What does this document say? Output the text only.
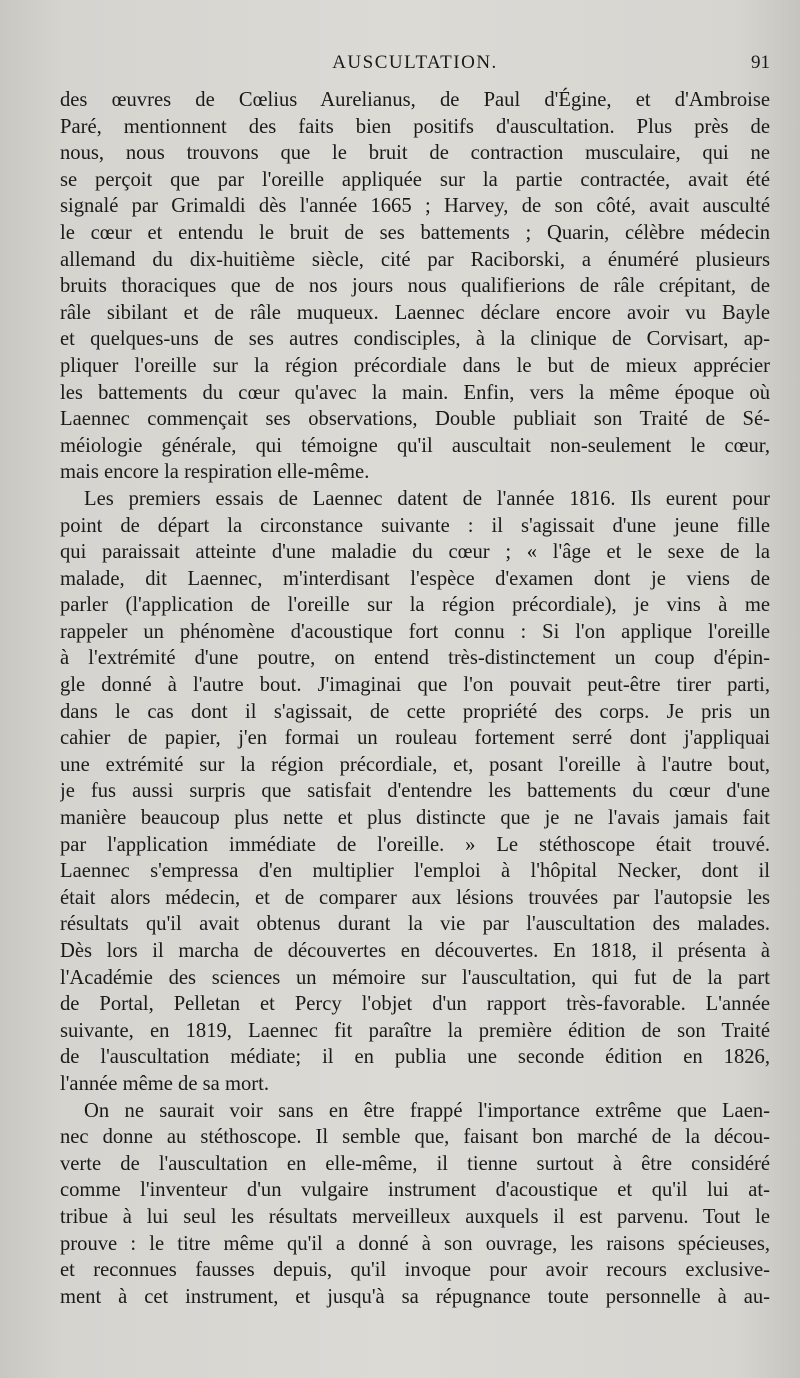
AUSCULTATION.	91

des œuvres de Cœlius Aurelianus, de Paul d'Égine, et d'Ambroise
Paré, mentionnent des faits bien positifs d'auscultation. Plus près de
nous, nous trouvons que le bruit de contraction musculaire, qui ne
se perçoit que par l'oreille appliquée sur la partie contractée, avait été
signalé par Grimaldi dès l'année 1665 ; Harvey, de son côté, avait ausculté
le cœur et entendu le bruit de ses battements ; Quarin, célèbre médecin
allemand du dix-huitième siècle, cité par Raciborski, a énuméré plusieurs
bruits thoraciques que de nos jours nous qualifierions de râle crépitant, de
râle sibilant et de râle muqueux. Laennec déclare encore avoir vu Bayle
et quelques-uns de ses autres condisciples, à la clinique de Corvisart, ap-
pliquer l'oreille sur la région précordiale dans le but de mieux apprécier
les battements du cœur qu'avec la main. Enfin, vers la même époque où
Laennec commençait ses observations, Double publiait son Traité de Sé-
méiologie générale, qui témoigne qu'il auscultait non-seulement le cœur,
mais encore la respiration elle-même.

Les premiers essais de Laennec datent de l'année 1816. Ils eurent pour
point de départ la circonstance suivante : il s'agissait d'une jeune fille
qui paraissait atteinte d'une maladie du cœur ; « l'âge et le sexe de la
malade, dit Laennec, m'interdisant l'espèce d'examen dont je viens de
parler (l'application de l'oreille sur la région précordiale), je vins à me
rappeler un phénomène d'acoustique fort connu : Si l'on applique l'oreille
à l'extrémité d'une poutre, on entend très-distinctement un coup d'épin-
gle donné à l'autre bout. J'imaginai que l'on pouvait peut-être tirer parti,
dans le cas dont il s'agissait, de cette propriété des corps. Je pris un
cahier de papier, j'en formai un rouleau fortement serré dont j'appliquai
une extrémité sur la région précordiale, et, posant l'oreille à l'autre bout,
je fus aussi surpris que satisfait d'entendre les battements du cœur d'une
manière beaucoup plus nette et plus distincte que je ne l'avais jamais fait
par l'application immédiate de l'oreille. » Le stéthoscope était trouvé.
Laennec s'empressa d'en multiplier l'emploi à l'hôpital Necker, dont il
était alors médecin, et de comparer aux lésions trouvées par l'autopsie les
résultats qu'il avait obtenus durant la vie par l'auscultation des malades.
Dès lors il marcha de découvertes en découvertes. En 1818, il présenta à
l'Académie des sciences un mémoire sur l'auscultation, qui fut de la part
de Portal, Pelletan et Percy l'objet d'un rapport très-favorable. L'année
suivante, en 1819, Laennec fit paraître la première édition de son Traité
de l'auscultation médiate; il en publia une seconde édition en 1826,
l'année même de sa mort.

On ne saurait voir sans en être frappé l'importance extrême que Laen-
nec donne au stéthoscope. Il semble que, faisant bon marché de la décou-
verte de l'auscultation en elle-même, il tienne surtout à être considéré
comme l'inventeur d'un vulgaire instrument d'acoustique et qu'il lui at-
tribue à lui seul les résultats merveilleux auxquels il est parvenu. Tout le
prouve : le titre même qu'il a donné à son ouvrage, les raisons spécieuses,
et reconnues fausses depuis, qu'il invoque pour avoir recours exclusive-
ment à cet instrument, et jusqu'à sa répugnance toute personnelle à au-
